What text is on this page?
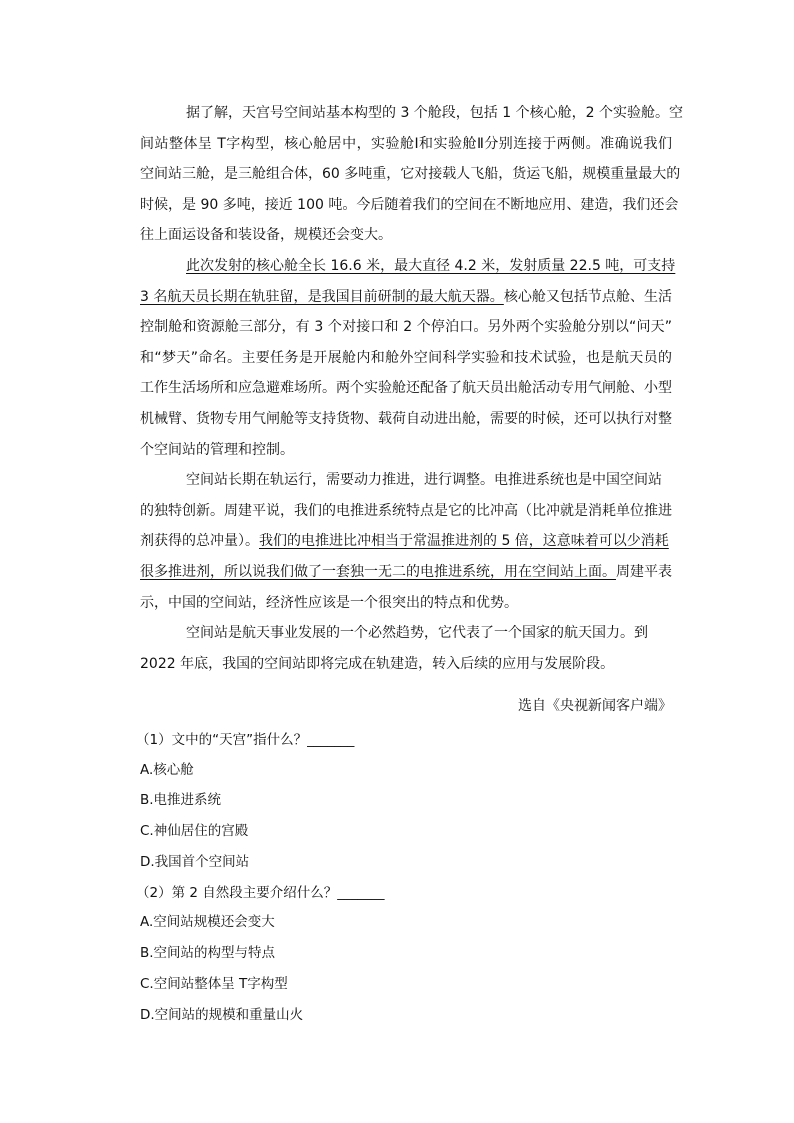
据了解，天宫号空间站基本构型的 3 个舱段，包括 1 个核心舱，2 个实验舱。空
间站整体呈 T字构型，核心舱居中，实验舱Ⅰ和实验舱Ⅱ分别连接于两侧。准确说我们
空间站三舱，是三舱组合体，60 多吨重，它对接载人飞船，货运飞船，规模重量最大的
时候，是 90 多吨，接近 100 吨。今后随着我们的空间在不断地应用、建造，我们还会
往上面运设备和装设备，规模还会变大。
此次发射的核心舱全长 16.6 米，最大直径 4.2 米，发射质量 22.5 吨，可支持
3 名航天员长期在轨驻留，是我国目前研制的最大航天器。核心舱又包括节点舱、生活
控制舱和资源舱三部分，有 3 个对接口和 2 个停泊口。另外两个实验舱分别以“问天”
和“梦天”命名。主要任务是开展舱内和舱外空间科学实验和技术试验，也是航天员的
工作生活场所和应急避难场所。两个实验舱还配备了航天员出舱活动专用气闸舱、小型
机械臂、货物专用气闸舱等支持货物、载荷自动进出舱，需要的时候，还可以执行对整
个空间站的管理和控制。
空间站长期在轨运行，需要动力推进，进行调整。电推进系统也是中国空间站
的独特创新。周建平说，我们的电推进系统特点是它的比冲高（比冲就是消耗单位推进
剂获得的总冲量）。我们的电推进比冲相当于常温推进剂的 5 倍，这意味着可以少消耗
很多推进剂，所以说我们做了一套独一无二的电推进系统，用在空间站上面。周建平表
示，中国的空间站，经济性应该是一个很突出的特点和优势。
空间站是航天事业发展的一个必然趋势，它代表了一个国家的航天国力。到
2022 年底，我国的空间站即将完成在轨建造，转入后续的应用与发展阶段。
选自《央视新闻客户端》
（1）文中的“天宫”指什么？_______
A.核心舱
B.电推进系统
C.神仙居住的宫殿
D.我国首个空间站
（2）第 2 自然段主要介绍什么？_______
A.空间站规模还会变大
B.空间站的构型与特点
C.空间站整体呈 T字构型
D.空间站的规模和重量山火
